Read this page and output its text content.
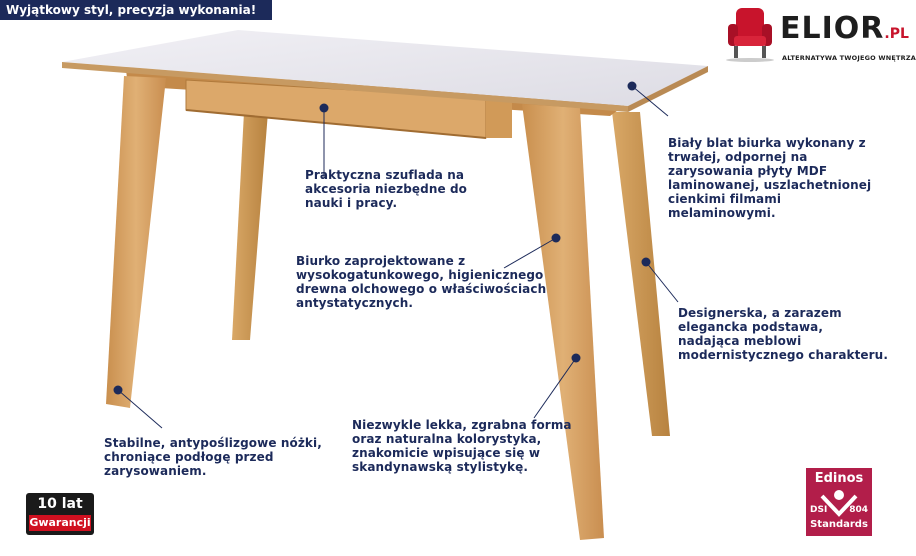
Wyjątkowy styl, precyzja wykonania!
ELIOR.PL
ALTERNATYWA TWOJEGO WNĘTRZA
Biały blat biurka wykonany z
trwałej, odpornej na
zarysowania płyty MDF
laminowanej, uszlachetnionej
cienkimi filmami
melaminowymi.
Praktyczna szuflada na
akcesoria niezbędne do
nauki i pracy.
Biurko zaprojektowane z
wysokogatunkowego, higienicznego
drewna olchowego o właściwościach
antystatycznych.
Designerska, a zarazem
elegancka podstawa,
nadająca meblowi
modernistycznego charakteru.
Niezwykle lekka, zgrabna forma
oraz naturalna kolorystyka,
znakomicie wpisujące się w
skandynawską stylistykę.
Stabilne, antypoślizgowe nóżki,
chroniące podłogę przed
zarysowaniem.
10 lat
Gwarancji
Edinos
DSI 804
Standards
